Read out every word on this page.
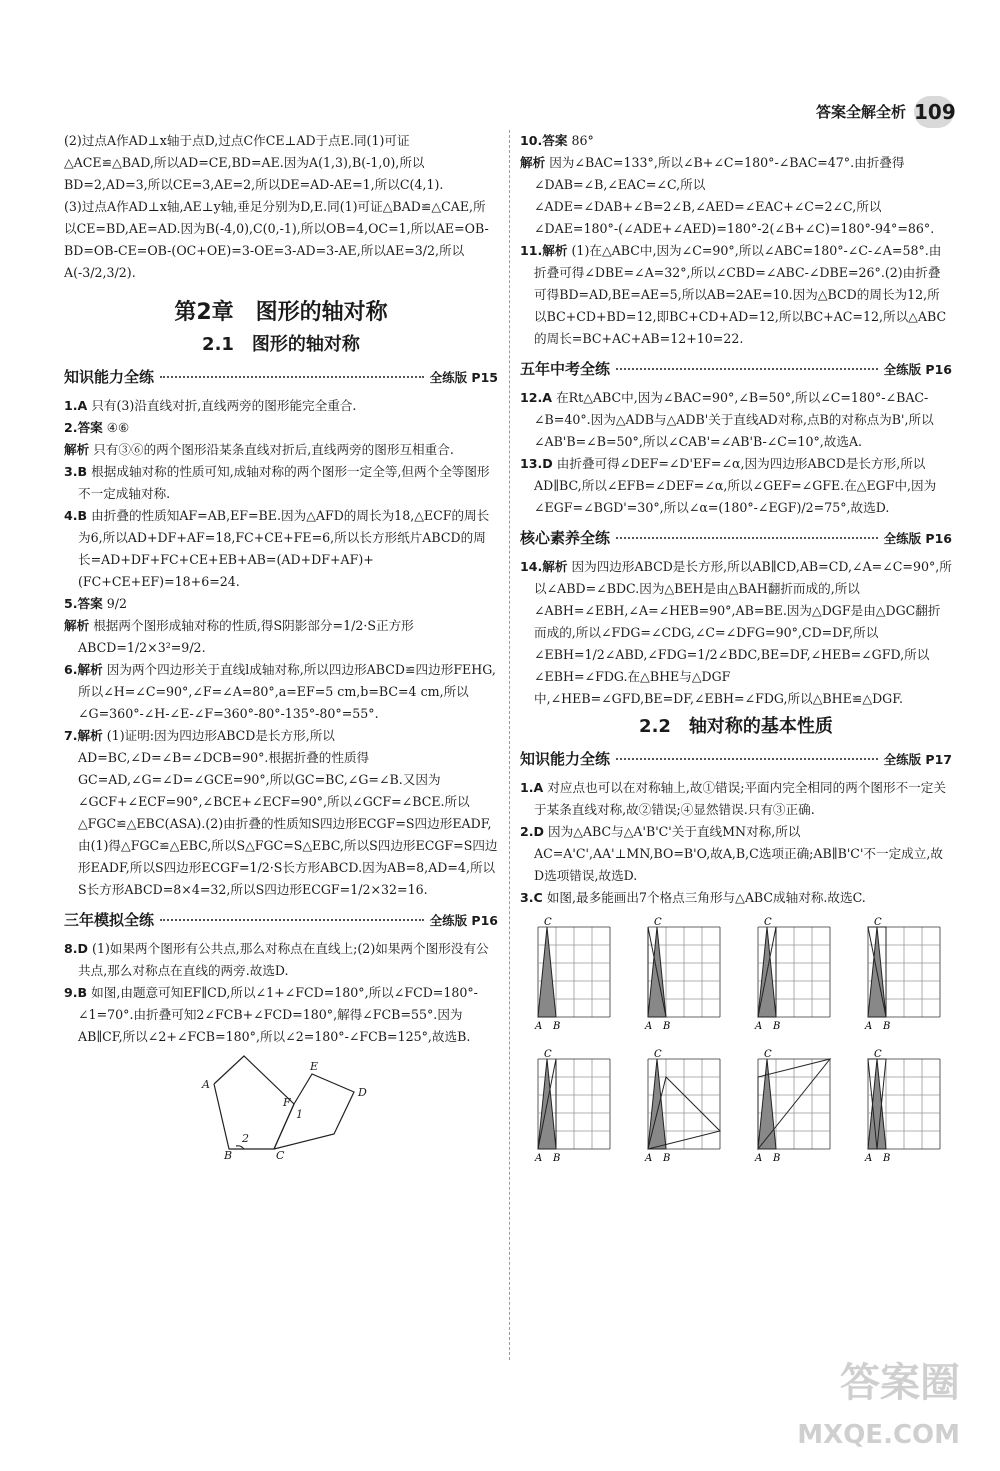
答案全解全析 109

(2)过点A作AD⊥x轴于点D,过点C作CE⊥AD于点E.同(1)可证△ACE≌△BAD,所以AD=CE,BD=AE.因为A(1,3),B(-1,0),所以BD=2,AD=3,所以CE=3,AE=2,所以DE=AD-AE=1,所以C(4,1).

(3)过点A作AD⊥x轴,AE⊥y轴,垂足分别为D,E.同(1)可证△BAD≌△CAE,所以CE=BD,AE=AD.因为B(-4,0),C(0,-1),所以OB=4,OC=1,所以AE=OB-BD=OB-CE=OB-(OC+OE)=3-OE=3-AD=3-AE,所以AE=3/2,所以A(-3/2,3/2).

第2章　图形的轴对称
2.1　图形的轴对称
知识能力全练	全练版 P15

1.A 只有(3)沿直线对折,直线两旁的图形能完全重合.

2.答案 ④⑥

解析 只有③⑥的两个图形沿某条直线对折后,直线两旁的图形互相重合.

3.B 根据成轴对称的性质可知,成轴对称的两个图形一定全等,但两个全等图形不一定成轴对称.

4.B 由折叠的性质知AF=AB,EF=BE.因为△AFD的周长为18,△ECF的周长为6,所以AD+DF+AF=18,FC+CE+FE=6,所以长方形纸片ABCD的周长=AD+DF+FC+CE+EB+AB=(AD+DF+AF)+(FC+CE+EF)=18+6=24.

5.答案 9/2

解析 根据两个图形成轴对称的性质,得S阴影部分=1/2·S正方形ABCD=1/2×3²=9/2.

6.解析 因为两个四边形关于直线l成轴对称,所以四边形ABCD≌四边形FEHG,所以∠H=∠C=90°,∠F=∠A=80°,a=EF=5 cm,b=BC=4 cm,所以∠G=360°-∠H-∠E-∠F=360°-80°-135°-80°=55°.

7.解析 (1)证明:因为四边形ABCD是长方形,所以AD=BC,∠D=∠B=∠DCB=90°.根据折叠的性质得GC=AD,∠G=∠D=∠GCE=90°,所以GC=BC,∠G=∠B.又因为∠GCF+∠ECF=90°,∠BCE+∠ECF=90°,所以∠GCF=∠BCE.所以△FGC≌△EBC(ASA).(2)由折叠的性质知S四边形ECGF=S四边形EADF,由(1)得△FGC≌△EBC,所以S△FGC=S△EBC,所以S四边形ECGF=S四边形EADF,所以S四边形ECGF=1/2·S长方形ABCD.因为AB=8,AD=4,所以S长方形ABCD=8×4=32,所以S四边形ECGF=1/2×32=16.

三年模拟全练	全练版 P16

8.D (1)如果两个图形有公共点,那么对称点在直线上;(2)如果两个图形没有公共点,那么对称点在直线的两旁.故选D.

9.B 如图,由题意可知EF∥CD,所以∠1+∠FCD=180°,所以∠FCD=180°-∠1=70°.由折叠可知2∠FCB+∠FCD=180°,解得∠FCB=55°.因为AB∥CF,所以∠2+∠FCB=180°,所以∠2=180°-∠FCB=125°,故选B.

A
B	C
D
E
F
1
2

10.答案 86°

解析 因为∠BAC=133°,所以∠B+∠C=180°-∠BAC=47°.由折叠得∠DAB=∠B,∠EAC=∠C,所以∠ADE=∠DAB+∠B=2∠B,∠AED=∠EAC+∠C=2∠C,所以∠DAE=180°-(∠ADE+∠AED)=180°-2(∠B+∠C)=180°-94°=86°.

11.解析 (1)在△ABC中,因为∠C=90°,所以∠ABC=180°-∠C-∠A=58°.由折叠可得∠DBE=∠A=32°,所以∠CBD=∠ABC-∠DBE=26°.(2)由折叠可得BD=AD,BE=AE=5,所以AB=2AE=10.因为△BCD的周长为12,所以BC+CD+BD=12,即BC+CD+AD=12,所以BC+AC=12,所以△ABC的周长=BC+AC+AB=12+10=22.

五年中考全练	全练版 P16

12.A 在Rt△ABC中,因为∠BAC=90°,∠B=50°,所以∠C=180°-∠BAC-∠B=40°.因为△ADB与△ADB'关于直线AD对称,点B的对称点为B',所以∠AB'B=∠B=50°,所以∠CAB'=∠AB'B-∠C=10°,故选A.

13.D 由折叠可得∠DEF=∠D'EF=∠α,因为四边形ABCD是长方形,所以AD∥BC,所以∠EFB=∠DEF=∠α,所以∠GEF=∠GFE.在△EGF中,因为∠EGF=∠BGD'=30°,所以∠α=(180°-∠EGF)/2=75°,故选D.

核心素养全练	全练版 P16

14.解析 因为四边形ABCD是长方形,所以AB∥CD,AB=CD,∠A=∠C=90°,所以∠ABD=∠BDC.因为△BEH是由△BAH翻折而成的,所以∠ABH=∠EBH,∠A=∠HEB=90°,AB=BE.因为△DGF是由△DGC翻折而成的,所以∠FDG=∠CDG,∠C=∠DFG=90°,CD=DF,所以∠EBH=1/2∠ABD,∠FDG=1/2∠BDC,BE=DF,∠HEB=∠GFD,所以∠EBH=∠FDG.在△BHE与△DGF中,∠HEB=∠GFD,BE=DF,∠EBH=∠FDG,所以△BHE≌△DGF.

2.2　轴对称的基本性质
知识能力全练	全练版 P17

1.A 对应点也可以在对称轴上,故①错误;平面内完全相同的两个图形不一定关于某条直线对称,故②错误;④显然错误.只有③正确.

2.D 因为△ABC与△A'B'C'关于直线MN对称,所以AC=A'C',AA'⊥MN,BO=B'O,故A,B,C选项正确;AB∥B'C'不一定成立,故D选项错误,故选D.

3.C 如图,最多能画出7个格点三角形与△ABC成轴对称.故选C.

C
A B
C
A B
C
A B
C
A B
C
A B
C
A B
C
A B
C
A B
答案圈
MXQE.COM
